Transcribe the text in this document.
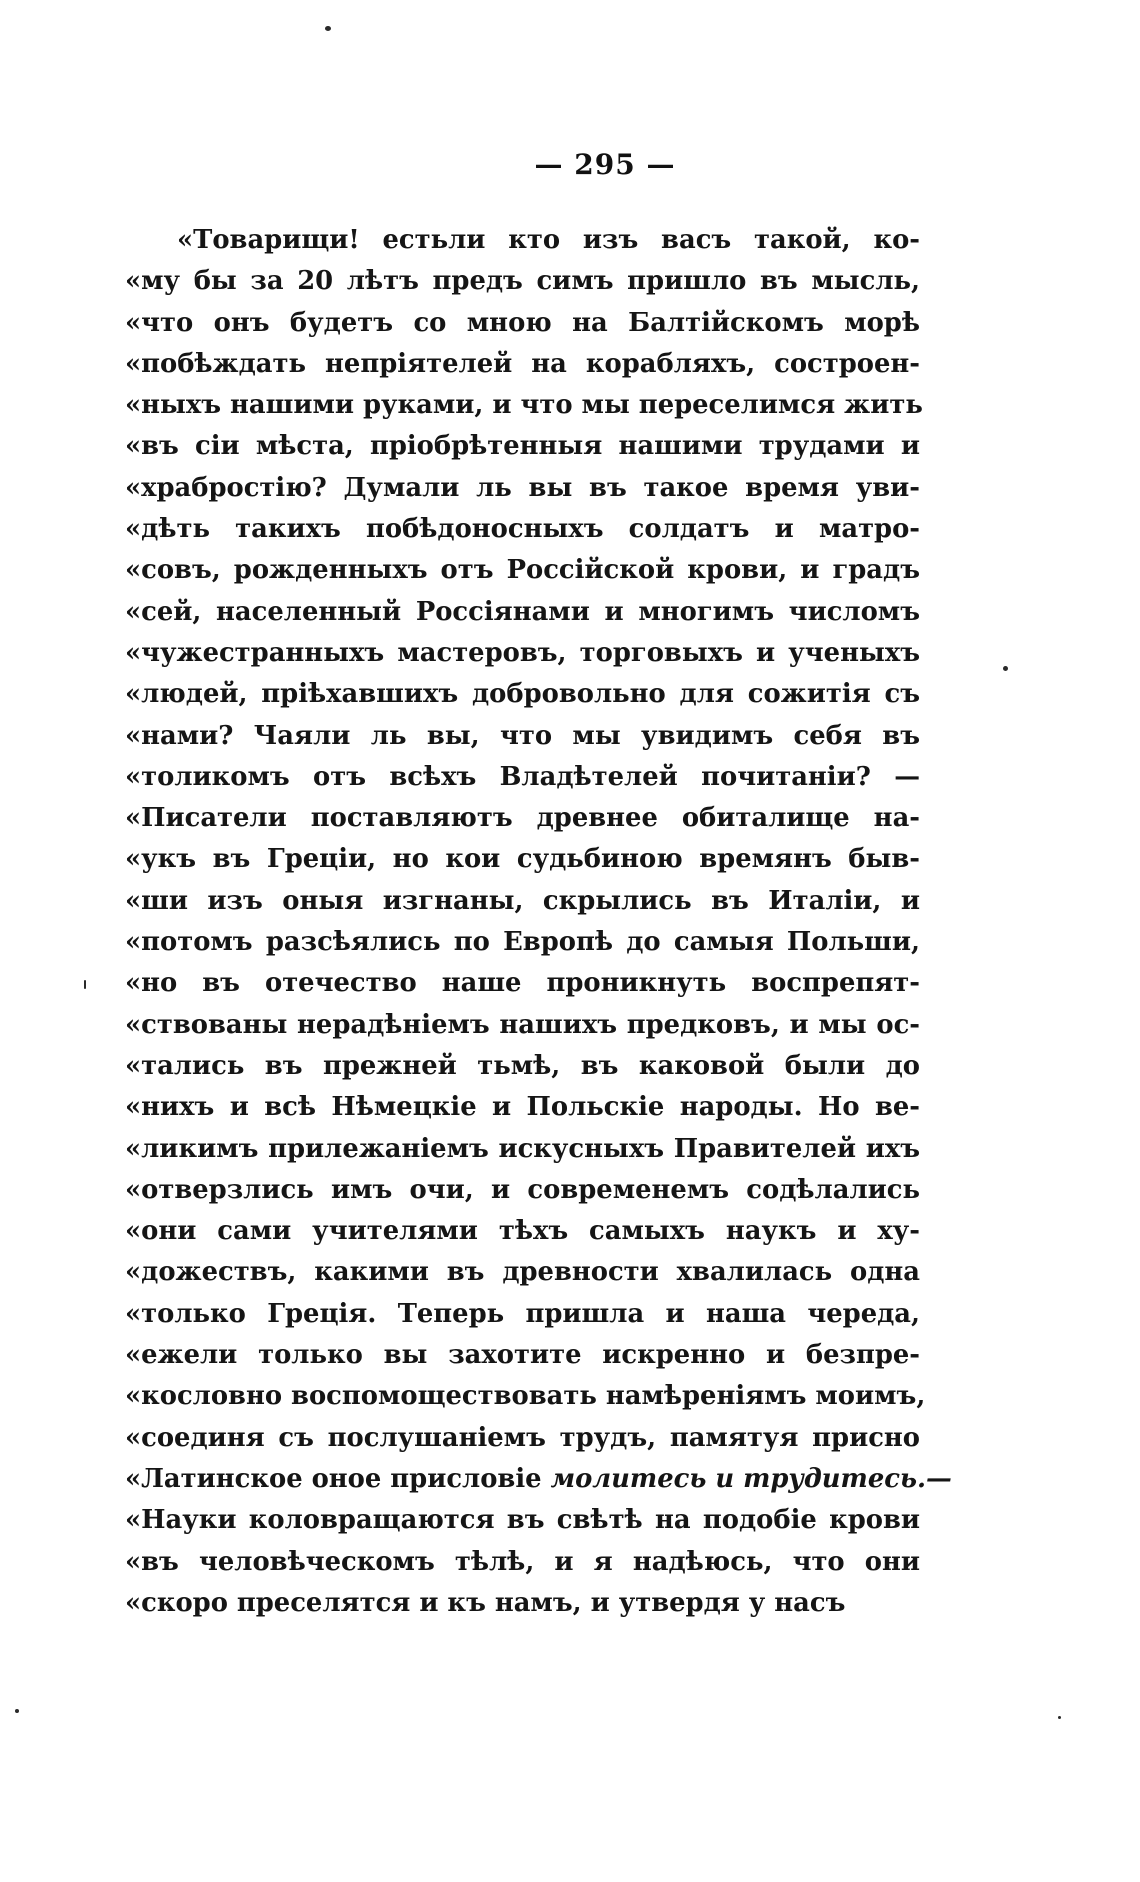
— 295 —
«Товарищи! естьли кто изъ васъ такой, ко-
«му бы за 20 лѣтъ предъ симъ пришло въ мысль,
«что онъ будетъ со мною на Балтiйскомъ морѣ
«побѣждать непрiятелей на корабляхъ, состроен-
«ныхъ нашими руками, и что мы переселимся жить
«въ сiи мѣста, прiобрѣтенныя нашими трудами и
«храбростiю? Думали ль вы въ такое время уви-
«дѣть такихъ побѣдоносныхъ солдатъ и матро-
«совъ, рожденныхъ отъ Россiйской крови, и градъ
«сей, населенный Россiянами и многимъ числомъ
«чужестранныхъ мастеровъ, торговыхъ и ученыхъ
«людей, прiѣхавшихъ добровольно для сожитiя съ
«нами? Чаяли ль вы, что мы увидимъ себя въ
«толикомъ отъ всѣхъ Владѣтелей почитанiи? —
«Писатели поставляютъ древнее обиталище на-
«укъ въ Грецiи, но кои судьбиною времянъ быв-
«ши изъ оныя изгнаны, скрылись въ Италiи, и
«потомъ разсѣялись по Европѣ до самыя Польши,
«но въ отечество наше проникнуть воспрепят-
«ствованы нерадѣнiемъ нашихъ предковъ, и мы ос-
«тались въ прежней тьмѣ, въ каковой были до
«нихъ и всѣ Нѣмецкiе и Польскiе народы. Но ве-
«ликимъ прилежанiемъ искусныхъ Правителей ихъ
«отверзлись имъ очи, и современемъ содѣлались
«они сами учителями тѣхъ самыхъ наукъ и ху-
«дожествъ, какими въ древности хвалилась одна
«только Грецiя. Теперь пришла и наша череда,
«ежели только вы захотите искренно и безпре-
«кословно воспомоществовать намѣренiямъ моимъ,
«соединя съ послушанiемъ трудъ, памятуя присно
«Латинское оное присловiе молитесь и трудитесь.—
«Науки коловращаются въ свѣтѣ на подобiе крови
«въ человѣческомъ тѣлѣ, и я надѣюсь, что они
«скоро преселятся и къ намъ, и утвердя у насъ
